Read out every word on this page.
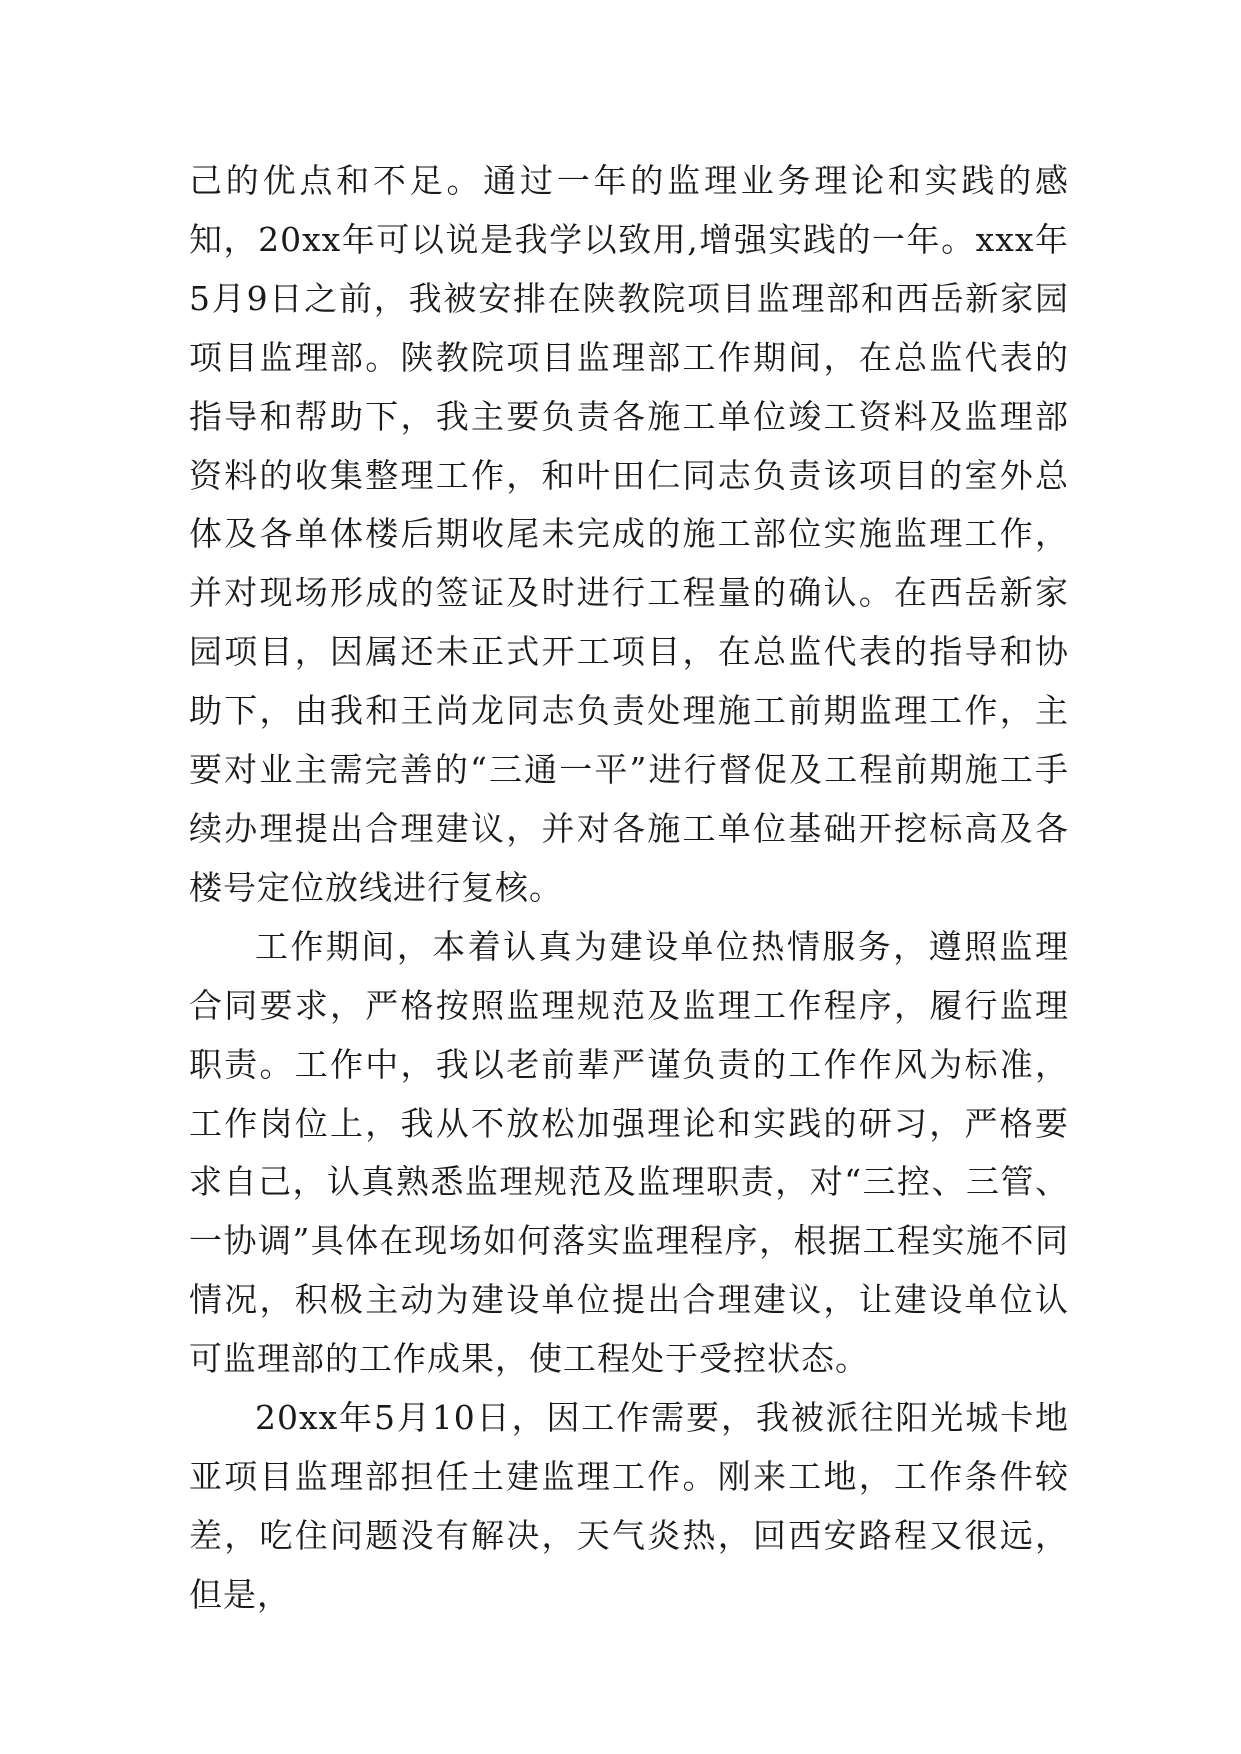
己的优点和不足。通过一年的监理业务理论和实践的感知，20xx年可以说是我学以致用,增强实践的一年。xxx年5月9日之前，我被安排在陕教院项目监理部和西岳新家园项目监理部。陕教院项目监理部工作期间，在总监代表的指导和帮助下，我主要负责各施工单位竣工资料及监理部资料的收集整理工作，和叶田仁同志负责该项目的室外总体及各单体楼后期收尾未完成的施工部位实施监理工作，并对现场形成的签证及时进行工程量的确认。在西岳新家园项目，因属还未正式开工项目，在总监代表的指导和协助下，由我和王尚龙同志负责处理施工前期监理工作，主要对业主需完善的“三通一平”进行督促及工程前期施工手续办理提出合理建议，并对各施工单位基础开挖标高及各楼号定位放线进行复核。

工作期间，本着认真为建设单位热情服务，遵照监理合同要求，严格按照监理规范及监理工作程序，履行监理职责。工作中，我以老前辈严谨负责的工作作风为标准，工作岗位上，我从不放松加强理论和实践的研习，严格要求自己，认真熟悉监理规范及监理职责，对“三控、三管、一协调”具体在现场如何落实监理程序，根据工程实施不同情况，积极主动为建设单位提出合理建议，让建设单位认可监理部的工作成果，使工程处于受控状态。

20xx年5月10日，因工作需要，我被派往阳光城卡地亚项目监理部担任土建监理工作。刚来工地，工作条件较差，吃住问题没有解决，天气炎热，回西安路程又很远，但是，
